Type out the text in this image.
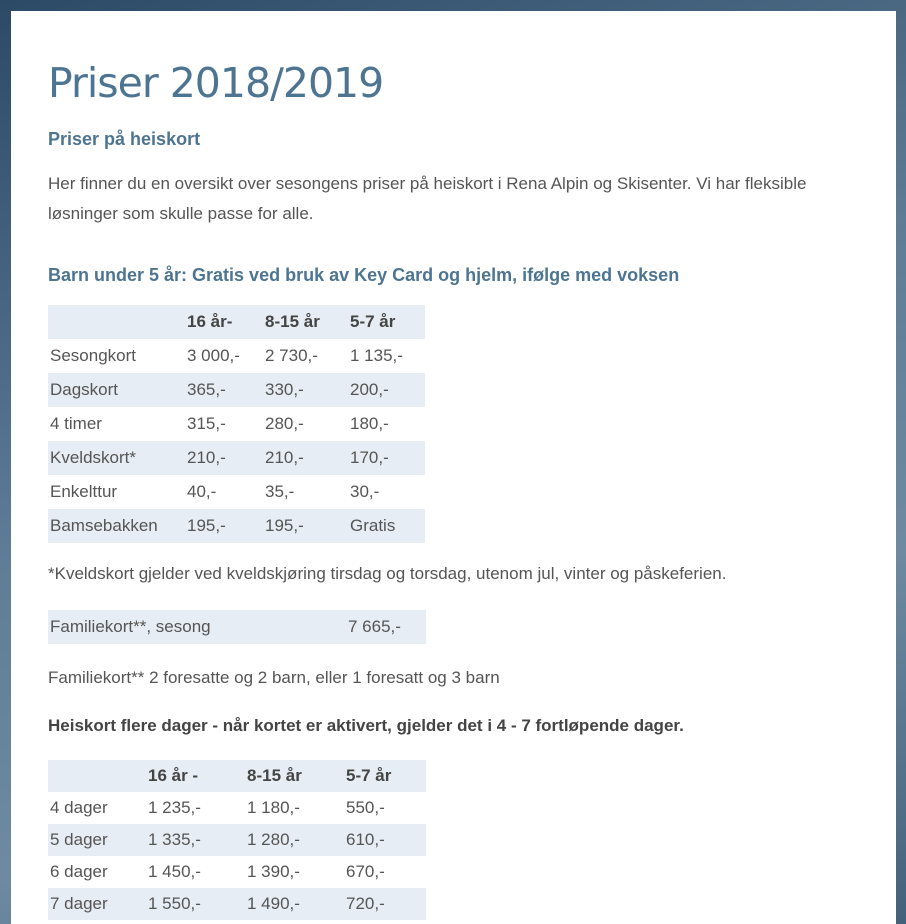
Priser 2018/2019
Priser på heiskort

Her finner du en oversikt over sesongens priser på heiskort i Rena Alpin og Skisenter. Vi har fleksible løsninger som skulle passe for alle.

Barn under 5 år: Gratis ved bruk av Key Card og hjelm, ifølge med voksen
	16 år-	8-15 år	5-7 år
Sesongkort	3 000,-	2 730,-	1 135,-
Dagskort	365,-	330,-	200,-
4 timer	315,-	280,-	180,-
Kveldskort*	210,-	210,-	170,-
Enkelttur	40,-	35,-	30,-
Bamsebakken	195,-	195,-	Gratis

*Kveldskort gjelder ved kveldskjøring tirsdag og torsdag, utenom jul, vinter og påskeferien.

Familiekort**, sesong	7 665,-

Familiekort** 2 foresatte og 2 barn, eller 1 foresatt og 3 barn

Heiskort flere dager - når kortet er aktivert, gjelder det i 4 - 7 fortløpende dager.

	16 år -	8-15 år	5-7 år
4 dager	1 235,-	1 180,-	550,-
5 dager	1 335,-	1 280,-	610,-
6 dager	1 450,-	1 390,-	670,-
7 dager	1 550,-	1 490,-	720,-
